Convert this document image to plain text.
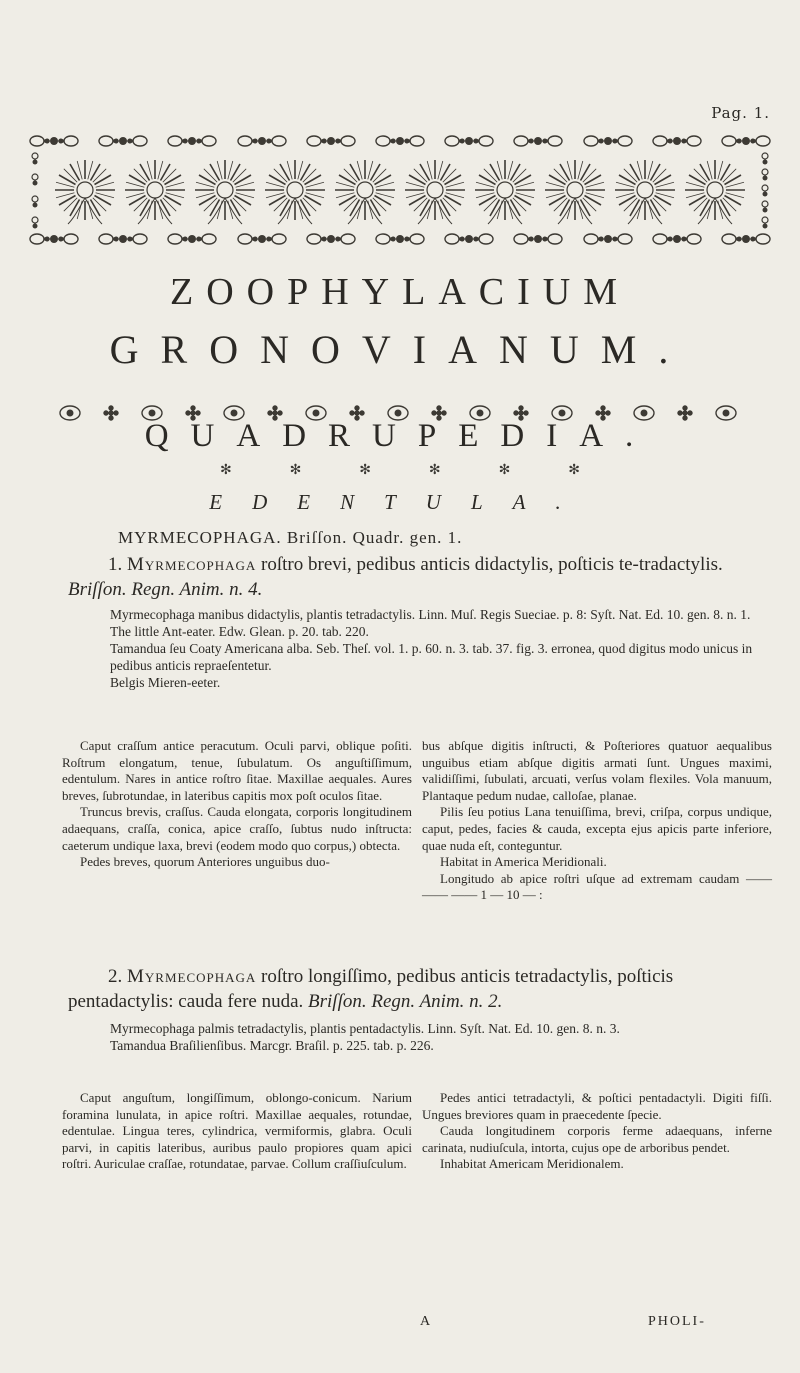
Pag. 1.
ZOOPHYLACIUM
GRONOVIANUM.
QUADRUPEDIA.
✻	✻	✻	✻	✻	✻
EDENTULA.
MYRMECOPHAGA. Briſſon. Quadr. gen. 1.
1. Myrmecophaga roſtro brevi, pedibus anticis didactylis, poſticis te-tradactylis. Briſſon. Regn. Anim. n. 4.

Myrmecophaga manibus didactylis, plantis tetradactylis. Linn. Muſ. Regis Sueciae. p. 8: Syſt. Nat. Ed. 10. gen. 8. n. 1.

The little Ant-eater. Edw. Glean. p. 20. tab. 220.

Tamandua ſeu Coaty Americana alba. Seb. Theſ. vol. 1. p. 60. n. 3. tab. 37. fig. 3. erronea, quod digitus modo unicus in pedibus anticis repraeſentetur.

Belgis Mieren-eeter.

Caput craſſum antice peracutum. Oculi parvi, oblique poſiti. Roſtrum elongatum, tenue, ſubulatum. Os anguſtiſſimum, edentulum. Nares in antice roſtro ſitae. Maxillae aequales. Aures breves, ſubrotundae, in lateribus capitis mox poſt oculos ſitae.

Truncus brevis, craſſus. Cauda elongata, corporis longitudinem adaequans, craſſa, conica, apice craſſo, ſubtus nudo inſtructa: caeterum undique laxa, brevi (eodem modo quo corpus,) obtecta.

Pedes breves, quorum Anteriores unguibus duo-

bus abſque digitis inſtructi, & Poſteriores quatuor aequalibus unguibus etiam abſque digitis armati ſunt. Ungues maximi, validiſſimi, ſubulati, arcuati, verſus volam flexiles. Vola manuum, Plantaque pedum nudae, calloſae, planae.

Pilis ſeu potius Lana tenuiſſima, brevi, criſpa, corpus undique, caput, pedes, facies & cauda, excepta ejus apicis parte inferiore, quae nuda eſt, conteguntur.

Habitat in America Meridionali.

Longitudo ab apice roſtri uſque ad extremam caudam —— —— —— 1 — 10 — :

2. Myrmecophaga roſtro longiſſimo, pedibus anticis tetradactylis, poſticis pentadactylis: cauda fere nuda. Briſſon. Regn. Anim. n. 2.

Myrmecophaga palmis tetradactylis, plantis pentadactylis. Linn. Syſt. Nat. Ed. 10. gen. 8. n. 3.

Tamandua Braſilienſibus. Marcgr. Braſil. p. 225. tab. p. 226.

Caput anguſtum, longiſſimum, oblongo-conicum. Narium foramina lunulata, in apice roſtri. Maxillae aequales, rotundae, edentulae. Lingua teres, cylindrica, vermiformis, glabra. Oculi parvi, in capitis lateribus, auribus paulo propiores quam apici roſtri. Auriculae craſſae, rotundatae, parvae. Collum craſſiuſculum.

Pedes antici tetradactyli, & poſtici pentadactyli. Digiti fiſſi. Ungues breviores quam in praecedente ſpecie.

Cauda longitudinem corporis ferme adaequans, inferne carinata, nudiuſcula, intorta, cujus ope de arboribus pendet.

Inhabitat Americam Meridionalem.

A	PHOLI-
